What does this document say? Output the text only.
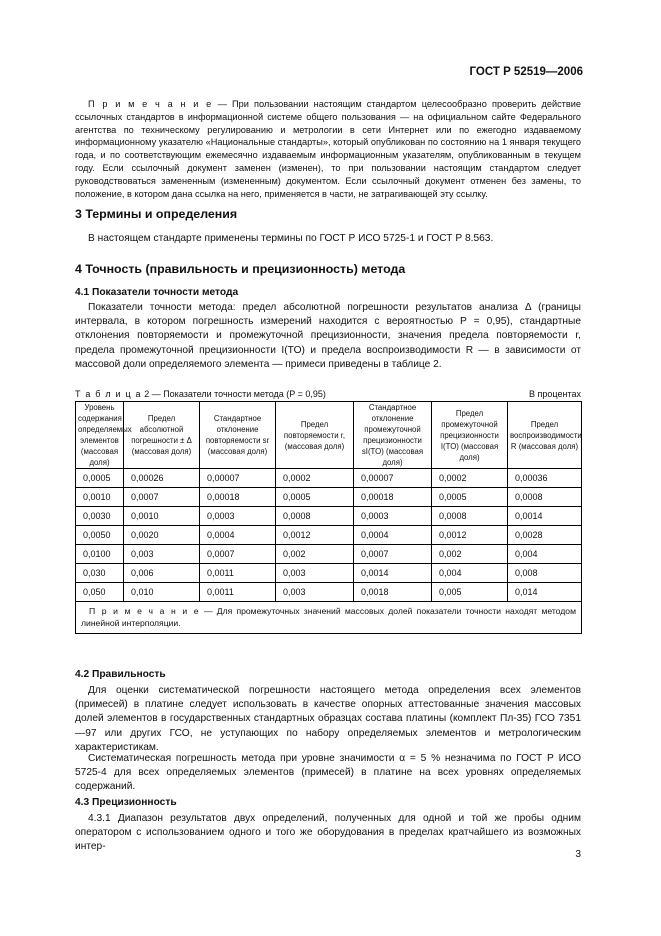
ГОСТ Р 52519—2006
П р и м е ч а н и е — При пользовании настоящим стандартом целесообразно проверить действие ссылочных стандартов в информационной системе общего пользования — на официальном сайте Федерального агентства по техническому регулированию и метрологии в сети Интернет или по ежегодно издаваемому информационному указателю «Национальные стандарты», который опубликован по состоянию на 1 января текущего года, и по соответствующим ежемесячно издаваемым информационным указателям, опубликованным в текущем году. Если ссылочный документ заменен (изменен), то при пользовании настоящим стандартом следует руководствоваться замененным (измененным) документом. Если ссылочный документ отменен без замены, то положение, в котором дана ссылка на него, применяется в части, не затрагивающей эту ссылку.
3 Термины и определения
В настоящем стандарте применены термины по ГОСТ Р ИСО 5725-1 и ГОСТ Р 8.563.
4 Точность (правильность и прецизионность) метода
4.1 Показатели точности метода
Показатели точности метода: предел абсолютной погрешности результатов анализа Δ (границы интервала, в котором погрешность измерений находится с вероятностью P = 0,95), стандартные отклонения повторяемости и промежуточной прецизионности, значения предела повторяемости r, предела промежуточной прецизионности I(TO) и предела воспроизводимости R — в зависимости от массовой доли определяемого элемента — примеси приведены в таблице 2.
Т а б л и ц а 2 — Показатели точности метода (P = 0,95)	В процентах
Уровень содержания определяемых элементов (массовая доля)	Предел абсолютной погрешности ± Δ (массовая доля)	Стандартное отклонение повторяемости sr (массовая доля)	Предел повторяемости r, (массовая доля)	Стандартное отклонение промежуточной прецизионности sI(TO) (массовая доля)	Предел промежуточной прецизионности I(TO) (массовая доля)	Предел воспроизводимости R (массовая доля)
0,0005	0,00026	0,00007	0,0002	0,00007	0,0002	0,00036
0,0010	0,0007	0,00018	0,0005	0,00018	0,0005	0,0008
0,0030	0,0010	0,0003	0,0008	0,0003	0,0008	0,0014
0,0050	0,0020	0,0004	0,0012	0,0004	0,0012	0,0028
0,0100	0,003	0,0007	0,002	0,0007	0,002	0,004
0,030	0,006	0,0011	0,003	0,0014	0,004	0,008
0,050	0,010	0,0011	0,003	0,0018	0,005	0,014
П р и м е ч а н и е — Для промежуточных значений массовых долей показатели точности находят методом линейной интерполяции.						
4.2 Правильность
Для оценки систематической погрешности настоящего метода определения всех элементов (примесей) в платине следует использовать в качестве опорных аттестованные значения массовых долей элементов в государственных стандартных образцах состава платины (комплект Пл-35) ГСО 7351—97 или других ГСО, не уступающих по набору определяемых элементов и метрологическим характеристикам.
Систематическая погрешность метода при уровне значимости α = 5 % незначима по ГОСТ Р ИСО 5725-4 для всех определяемых элементов (примесей) в платине на всех уровнях определяемых содержаний.
4.3 Прецизионность
4.3.1 Диапазон результатов двух определений, полученных для одной и той же пробы одним оператором с использованием одного и того же оборудования в пределах кратчайшего из возможных интер-
3
